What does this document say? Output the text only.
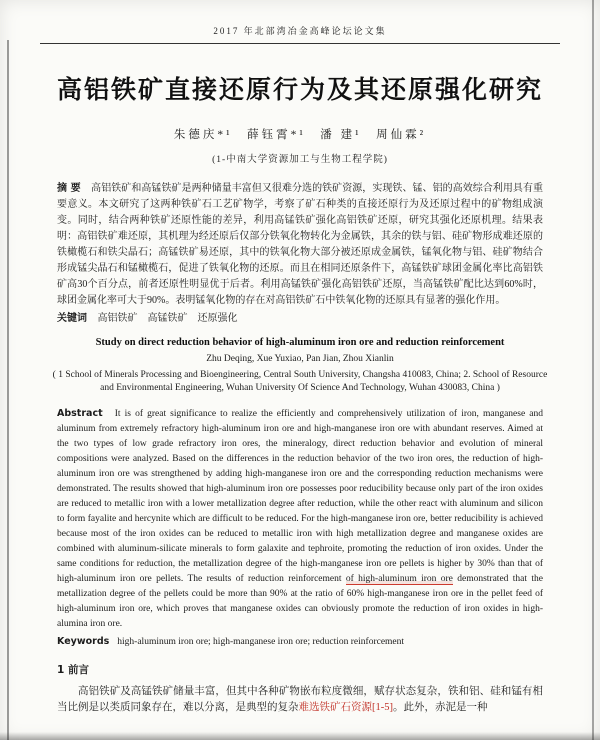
2017 年北部湾冶金高峰论坛论文集
高铝铁矿直接还原行为及其还原强化研究
朱德庆*¹　薛钰霄*¹　潘 建¹　周仙霖²
(1-中南大学资源加工与生物工程学院)

摘 要 高铝铁矿和高锰铁矿是两种储量丰富但又很难分选的铁矿资源，实现铁、锰、铝的高效综合利用具有重要意义。本文研究了这两种铁矿石工艺矿物学，考察了矿石种类的直接还原行为及还原过程中的矿物组成演变。同时，结合两种铁矿还原性能的差异，利用高锰铁矿强化高铝铁矿还原，研究其强化还原机理。结果表明：高铝铁矿难还原，其机理为经还原后仅部分铁氧化物转化为金属铁，其余的铁与铝、硅矿物形成难还原的铁橄榄石和铁尖晶石；高锰铁矿易还原，其中的铁氧化物大部分被还原成金属铁，锰氧化物与铝、硅矿物结合形成锰尖晶石和锰橄榄石，促进了铁氧化物的还原。而且在相同还原条件下，高锰铁矿球团金属化率比高铝铁矿高30个百分点，前者还原性明显优于后者。利用高锰铁矿强化高铝铁矿还原，当高锰铁矿配比达到60%时，球团金属化率可大于90%。表明锰氧化物的存在对高铝铁矿石中铁氧化物的还原具有显著的强化作用。

关键词 高铝铁矿　高锰铁矿　还原强化

Study on direct reduction behavior of high-aluminum iron ore and reduction reinforcement
Zhu Deqing, Xue Yuxiao, Pan Jian, Zhou Xianlin
( 1 School of Minerals Processing and Bioengineering, Central South University, Changsha 410083, China; 2. School of Resource and Environmental Engineering, Wuhan University Of Science And Technology, Wuhan 430083, China )

Abstract It is of great significance to realize the efficiently and comprehensively utilization of iron, manganese and aluminum from extremely refractory high-aluminum iron ore and high-manganese iron ore with abundant reserves. Aimed at the two types of low grade refractory iron ores, the mineralogy, direct reduction behavior and evolution of mineral compositions were analyzed. Based on the differences in the reduction behavior of the two iron ores, the reduction of high-aluminum iron ore was strengthened by adding high-manganese iron ore and the corresponding reduction mechanisms were demonstrated. The results showed that high-aluminum iron ore possesses poor reducibility because only part of the iron oxides are reduced to metallic iron with a lower metallization degree after reduction, while the other react with aluminum and silicon to form fayalite and hercynite which are difficult to be reduced. For the high-manganese iron ore, better reducibility is achieved because most of the iron oxides can be reduced to metallic iron with high metallization degree and manganese oxides are combined with aluminum-silicate minerals to form galaxite and tephroite, promoting the reduction of iron oxides. Under the same conditions for reduction, the metallization degree of the high-manganese iron ore pellets is higher by 30% than that of high-aluminum iron ore pellets. The results of reduction reinforcement of high-aluminum iron ore demonstrated that the metallization degree of the pellets could be more than 90% at the ratio of 60% high-manganese iron ore in the pellet feed of high-aluminum iron ore, which proves that manganese oxides can obviously promote the reduction of iron oxides in high-alumina iron ore.

Keywords high-aluminum iron ore; high-manganese iron ore; reduction reinforcement

1 前言

高铝铁矿及高锰铁矿储量丰富，但其中各种矿物嵌布粒度微细，赋存状态复杂，铁和铝、硅和锰有相当比例是以类质同象存在，难以分离，是典型的复杂难选铁矿石资源[1-5]。此外，赤泥是一种
